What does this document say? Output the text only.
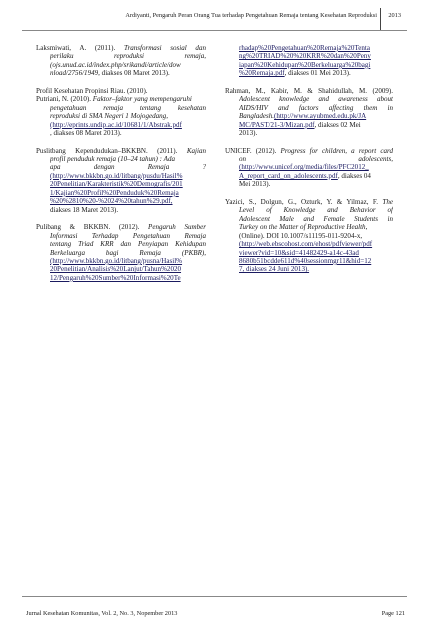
Ardiyanti, Pengaruh Peran Orang Tua terhadap Pengetahuan Remaja tentang Kesehatan Reproduksi 2013
Laksmiwati, A. (2011). Transformasi sosial dan
perilaku reproduksi remaja,
(ojs.unud.ac.id/index.php/srikandi/article/dow
nload/2756/1949, diakses 08 Maret 2013).
Profil Kesehatan Propinsi Riau. (2010).
Putriani, N. (2010). Faktor–faktor yang mempengaruhi
pengetahuan remaja tentang kesehatan
reproduksi di SMA Negeri 1 Mojogedang,
(http://eprints.undip.ac.id/10681/1/Abstrak.pdf
, diakses 08 Maret 2013).
Puslitbang Kependudukan–BKKBN. (2011). Kajian
profil penduduk remaja (10–24 tahun) : Ada
apa dengan Remaja ?
(http://www.bkkbn.go.id/litbang/pusdu/Hasil%
20Penelitian/Karakteristik%20Demografis/201
1/Kajian%20Profil%20Penduduk%20Remaja
%20%2810%20-%2024%20tahun%29.pdf,
diakses 18 Maret 2013).
Pulibang & BKKBN. (2012). Pengaruh Sumber
Informasi Terhadap Pengetahuan Remaja
tentang Triad KRR dan Penyiapan Kehidupan
Berkeluarga bagi Remaja (PKBR),
(http://www.bkkbn.go.id/litbang/pusna/Hasil%
20Penelitian/Analisis%20Lanjut/Tahun%2020
12/Pengaruh%20Sumber%20Informasi%20Te
rhadap%20Pengetahuan%20Remaja%20Tenta
ng%20TRIAD%20%20KRR%20dan%20Peny
iapan%20Kehidupan%20Berkeluarga%20bagi
%20Remaja.pdf, diakses 01 Mei 2013).
Rahman, M., Kabir, M. & Shahidullah, M. (2009).
Adolescent knowledge and awareness about
AIDS/HIV and factors affecting them in
Bangladesh.(http://www.ayubmed.edu.pk/JA
MC/PAST/21-3/Mizan.pdf, diakses 02 Mei
2013).
UNICEF. (2012). Progress for children, a report card
on adolescents,
(http://www.unicef.org/media/files/PFC2012_
A_report_card_on_adolescents.pdf, diakses 04
Mei 2013).
Yazici, S., Dolgun, G., Ozturk, Y. & Yilmaz, F. The
Level of Knowledge and Behavior of
Adolescent Male and Female Students in
Turkey on the Matter of Reproductive Health,
(Online). DOI 10.1007/s11195-011-9204-x,
(http://web.ebscohost.com/ehost/pdfviewer/pdf
viewer?vid=10&sid=41482429-a14c-43ad
8680b51bcdde611d%40sessionmgr11&hid=12
7, diakses 24 Juni 2013).
Jurnal Kesehatan Komunitas, Vol. 2, No. 3, Nopember 2013	Page 121
